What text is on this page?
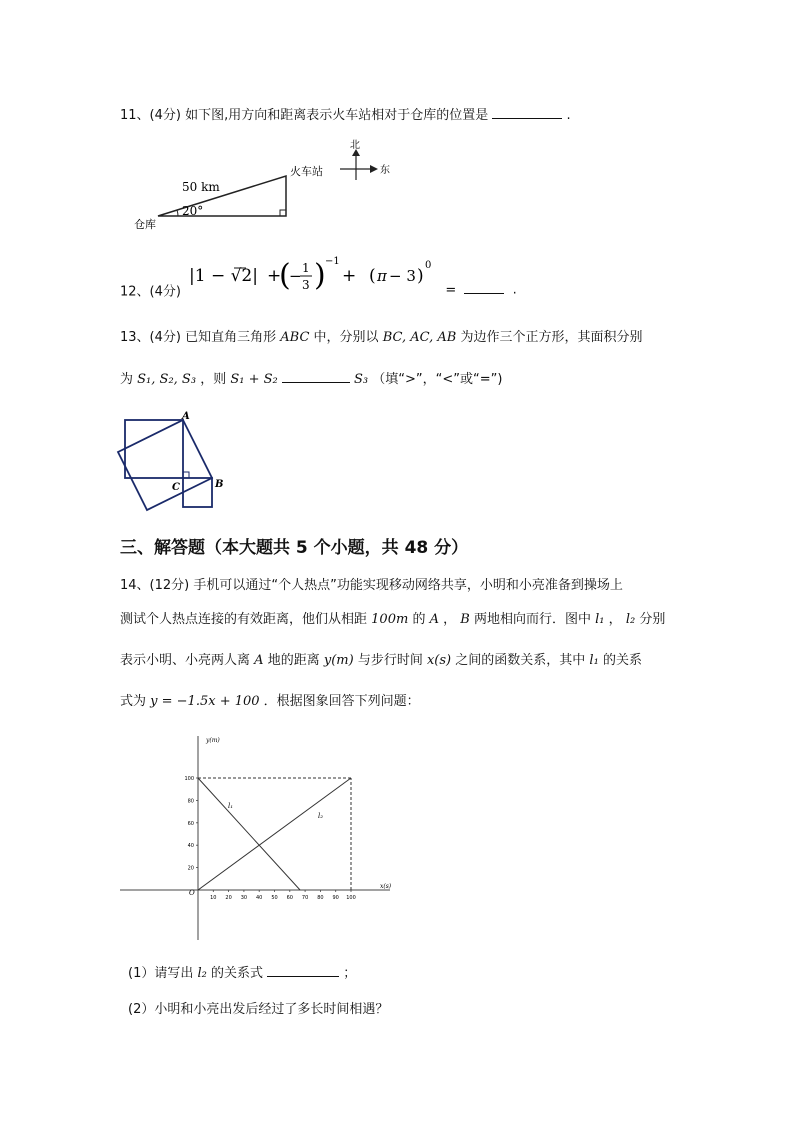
11、(4分) 如下图,用方向和距离表示火车站相对于仓库的位置是	.
50 km
20°
仓库
火车站
北
东
12、(4分)
|1 − √2| +
(
− 1
3 ) −1
+
( π − 3 )
0
=	.
13、(4分) 已知直角三角形 ABC 中，分别以 BC, AC, AB 为边作三个正方形，其面积分别
为 S₁, S₂, S₃ ，则 S₁ + S₂	S₃ （填“>”，“<”或“=”)
A
B
C
三、解答题（本大题共 5 个小题，共 48 分）
14、(12分) 手机可以通过“个人热点”功能实现移动网络共享，小明和小亮准备到操场上
测试个人热点连接的有效距离，他们从相距 100m 的 A ， B 两地相向而行．图中 l₁ ， l₂ 分别
表示小明、小亮两人离 A 地的距离 y(m) 与步行时间 x(s) 之间的函数关系，其中 l₁ 的关系
式为 y = −1.5x + 100 ．根据图象回答下列问题：
y(m)
x(s)
O
10 20 30 40 50 60 70 80 90 100
20
40
60
80
100
l₁
l₂
(1）请写出 l₂ 的关系式	；
(2）小明和小亮出发后经过了多长时间相遇？
